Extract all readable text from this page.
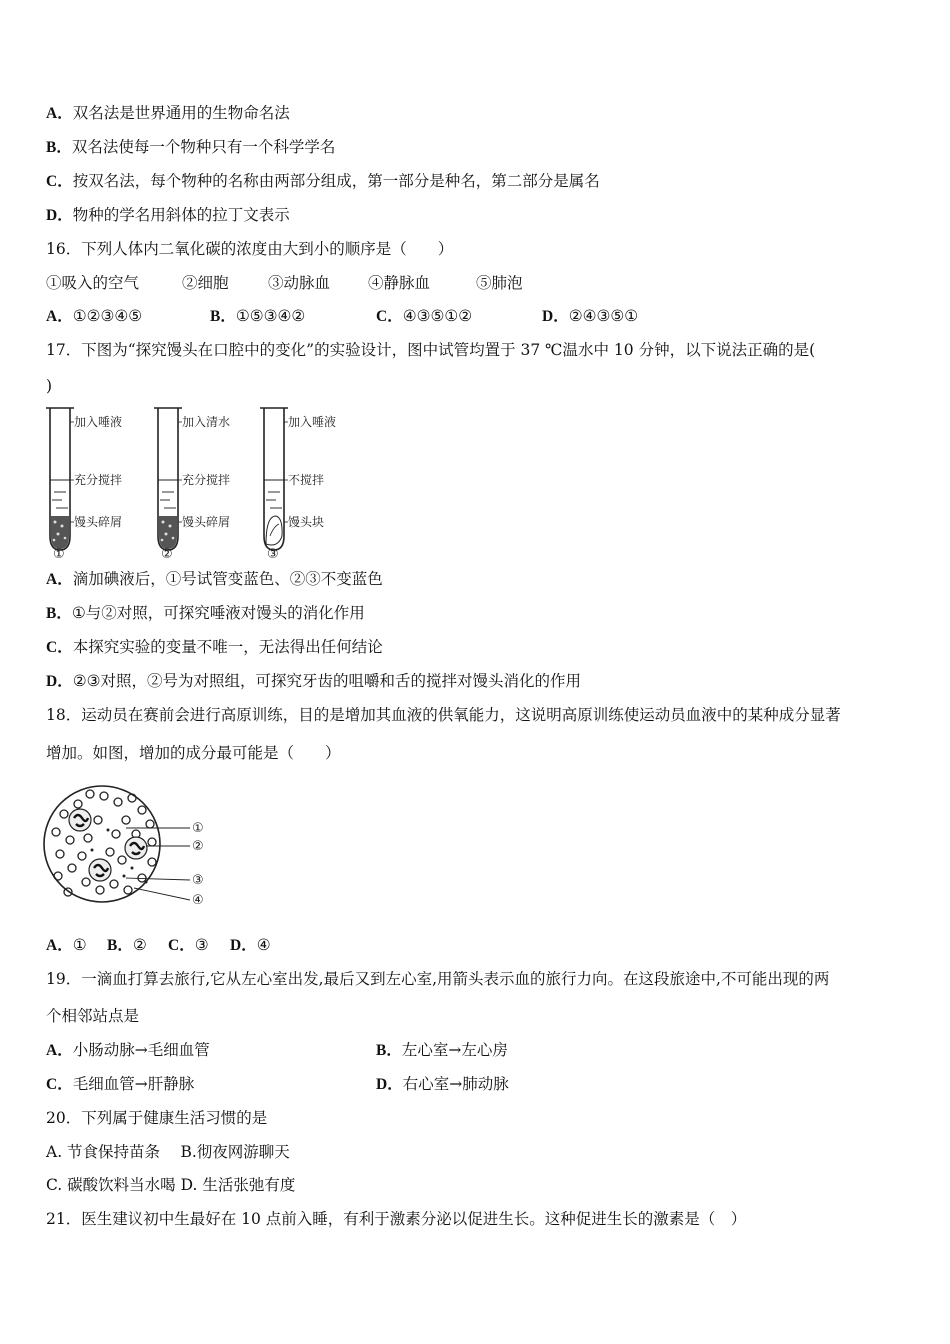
A．双名法是世界通用的生物命名法
B．双名法使每一个物种只有一个科学学名
C．按双名法，每个物种的名称由两部分组成，第一部分是种名，第二部分是属名
D．物种的学名用斜体的拉丁文表示
16．下列人体内二氧化碳的浓度由大到小的顺序是（　　）
①吸入的空气	②细胞	③动脉血 ④静脉血	⑤肺泡
A．①②③④⑤	B．①⑤③④②	C．④③⑤①②	D．②④③⑤①
17．下图为“探究馒头在口腔中的变化”的实验设计，图中试管均置于 37 ℃温水中 10 分钟，以下说法正确的是(
)
加入唾液
充分搅拌
馒头碎屑
①
加入清水
充分搅拌
馒头碎屑
②
加入唾液
不搅拌
馒头块
③
A．滴加碘液后，①号试管变蓝色、②③不变蓝色
B．①与②对照，可探究唾液对馒头的消化作用
C．本探究实验的变量不唯一，无法得出任何结论
D．②③对照，②号为对照组，可探究牙齿的咀嚼和舌的搅拌对馒头消化的作用
18．运动员在赛前会进行高原训练，目的是增加其血液的供氧能力，这说明高原训练使运动员血液中的某种成分显著
增加。如图，增加的成分最可能是（　　）
①
②
③
④
A．① B．② C．③ D．④
19．一滴血打算去旅行,它从左心室出发,最后又到左心室,用箭头表示血的旅行力向。在这段旅途中,不可能出现的两
个相邻站点是
A．小肠动脉→毛细血管	B．左心室→左心房
C．毛细血管→肝静脉	D．右心室→肺动脉
20．下列属于健康生活习惯的是
A. 节食保持苗条　 B.彻夜网游聊天
C. 碳酸饮料当水喝 D. 生活张弛有度
21．医生建议初中生最好在 10 点前入睡，有利于激素分泌以促进生长。这种促进生长的激素是（　）
